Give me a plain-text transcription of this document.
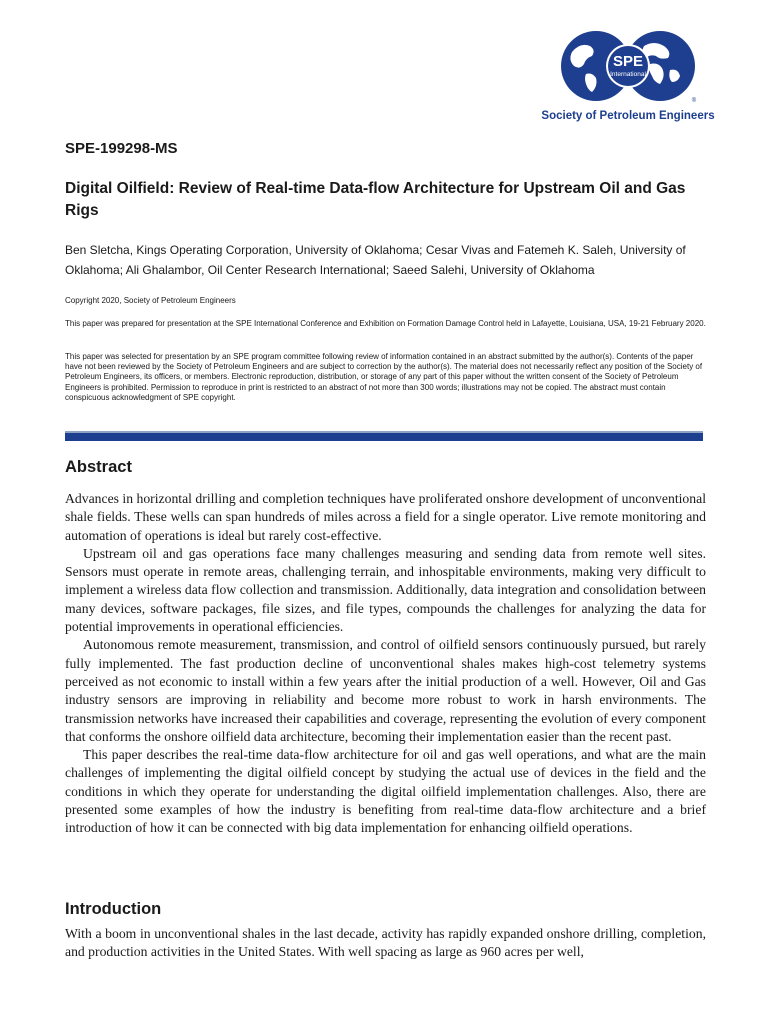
SPE
International
®
Society of Petroleum Engineers
SPE-199298-MS
Digital Oilfield: Review of Real-time Data-flow Architecture for Upstream Oil and Gas Rigs
Ben Sletcha, Kings Operating Corporation, University of Oklahoma; Cesar Vivas and Fatemeh K. Saleh, University of Oklahoma; Ali Ghalambor, Oil Center Research International; Saeed Salehi, University of Oklahoma

Copyright 2020, Society of Petroleum Engineers

This paper was prepared for presentation at the SPE International Conference and Exhibition on Formation Damage Control held in Lafayette, Louisiana, USA, 19-21 February 2020.

This paper was selected for presentation by an SPE program committee following review of information contained in an abstract submitted by the author(s). Contents of the paper have not been reviewed by the Society of Petroleum Engineers and are subject to correction by the author(s). The material does not necessarily reflect any position of the Society of Petroleum Engineers, its officers, or members. Electronic reproduction, distribution, or storage of any part of this paper without the written consent of the Society of Petroleum Engineers is prohibited. Permission to reproduce in print is restricted to an abstract of not more than 300 words; illustrations may not be copied. The abstract must contain conspicuous acknowledgment of SPE copyright.

Abstract

Advances in horizontal drilling and completion techniques have proliferated onshore development of unconventional shale fields. These wells can span hundreds of miles across a field for a single operator. Live remote monitoring and automation of operations is ideal but rarely cost-effective.

Upstream oil and gas operations face many challenges measuring and sending data from remote well sites. Sensors must operate in remote areas, challenging terrain, and inhospitable environments, making very difficult to implement a wireless data flow collection and transmission. Additionally, data integration and consolidation between many devices, software packages, file sizes, and file types, compounds the challenges for analyzing the data for potential improvements in operational efficiencies.

Autonomous remote measurement, transmission, and control of oilfield sensors continuously pursued, but rarely fully implemented. The fast production decline of unconventional shales makes high-cost telemetry systems perceived as not economic to install within a few years after the initial production of a well. However, Oil and Gas industry sensors are improving in reliability and become more robust to work in harsh environments. The transmission networks have increased their capabilities and coverage, representing the evolution of every component that conforms the onshore oilfield data architecture, becoming their implementation easier than the recent past.

This paper describes the real-time data-flow architecture for oil and gas well operations, and what are the main challenges of implementing the digital oilfield concept by studying the actual use of devices in the field and the conditions in which they operate for understanding the digital oilfield implementation challenges. Also, there are presented some examples of how the industry is benefiting from real-time data-flow architecture and a brief introduction of how it can be connected with big data implementation for enhancing oilfield operations.

Introduction

With a boom in unconventional shales in the last decade, activity has rapidly expanded onshore drilling, completion, and production activities in the United States. With well spacing as large as 960 acres per well,
